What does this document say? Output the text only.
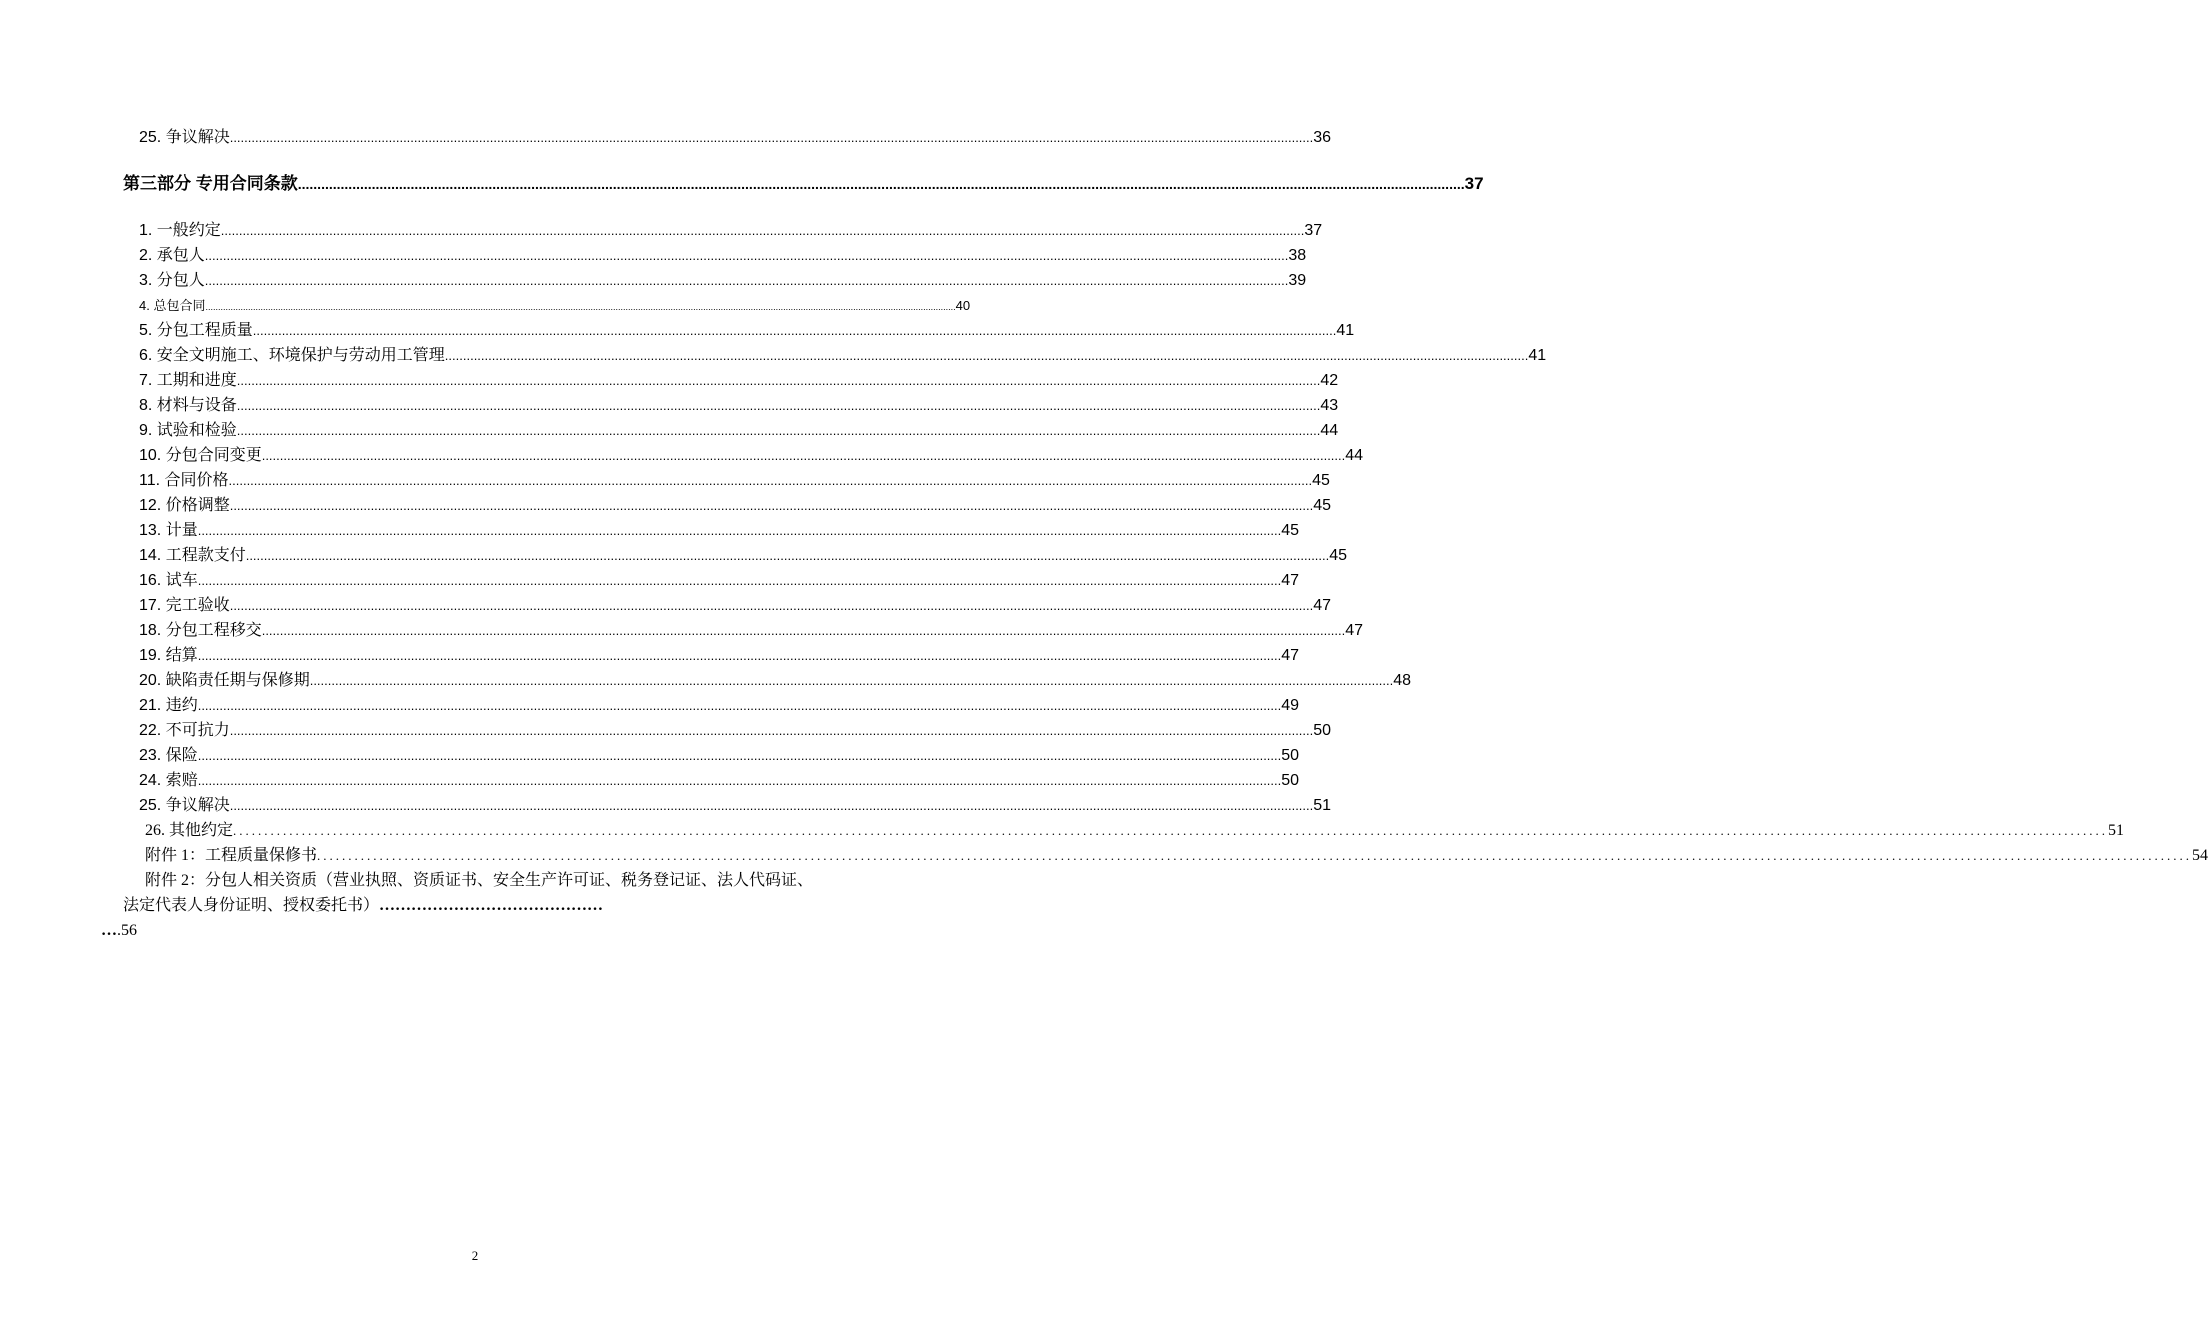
25. 争议解决 ............................................................................................................................................................................................................................................................................................................ 36
第三部分 专用合同条款 ............................................................................................................................................................................................................................................................................................................ 37
1. 一般约定 ............................................................................................................................................................................................................................................................................................................ 37
2. 承包人 ............................................................................................................................................................................................................................................................................................................ 38
3. 分包人 ............................................................................................................................................................................................................................................................................................................ 39
4. 总包合同 ............................................................................................................................................................................................................................................................................................................ 40
5. 分包工程质量 ............................................................................................................................................................................................................................................................................................................ 41
6. 安全文明施工、环境保护与劳动用工管理 ............................................................................................................................................................................................................................................................................................................ 41
7. 工期和进度 ............................................................................................................................................................................................................................................................................................................ 42
8. 材料与设备 ............................................................................................................................................................................................................................................................................................................ 43
9. 试验和检验 ............................................................................................................................................................................................................................................................................................................ 44
10. 分包合同变更 ............................................................................................................................................................................................................................................................................................................ 44
11. 合同价格 ............................................................................................................................................................................................................................................................................................................ 45
12. 价格调整 ............................................................................................................................................................................................................................................................................................................ 45
13. 计量 ............................................................................................................................................................................................................................................................................................................ 45
14. 工程款支付 ............................................................................................................................................................................................................................................................................................................ 45
16. 试车 ............................................................................................................................................................................................................................................................................................................ 47
17. 完工验收 ............................................................................................................................................................................................................................................................................................................ 47
18. 分包工程移交 ............................................................................................................................................................................................................................................................................................................ 47
19. 结算 ............................................................................................................................................................................................................................................................................................................ 47
20. 缺陷责任期与保修期 ............................................................................................................................................................................................................................................................................................................ 48
21. 违约 ............................................................................................................................................................................................................................................................................................................ 49
22. 不可抗力 ............................................................................................................................................................................................................................................................................................................ 50
23. 保险 ............................................................................................................................................................................................................................................................................................................ 50
24. 索赔 ............................................................................................................................................................................................................................................................................................................ 50
25. 争议解决 ............................................................................................................................................................................................................................................................................................................ 51
26. 其他约定 ............................................................................................................................................................................................................................................................................................................ 51
附件 1：工程质量保修书 ............................................................................................................................................................................................................................................................................................................ 54

附件 2：分包人相关资质（营业执照、资质证书、安全生产许可证、税务登记证、法人代码证、法定代表人身份证明、授权委托书）……………………………………
….56

2
